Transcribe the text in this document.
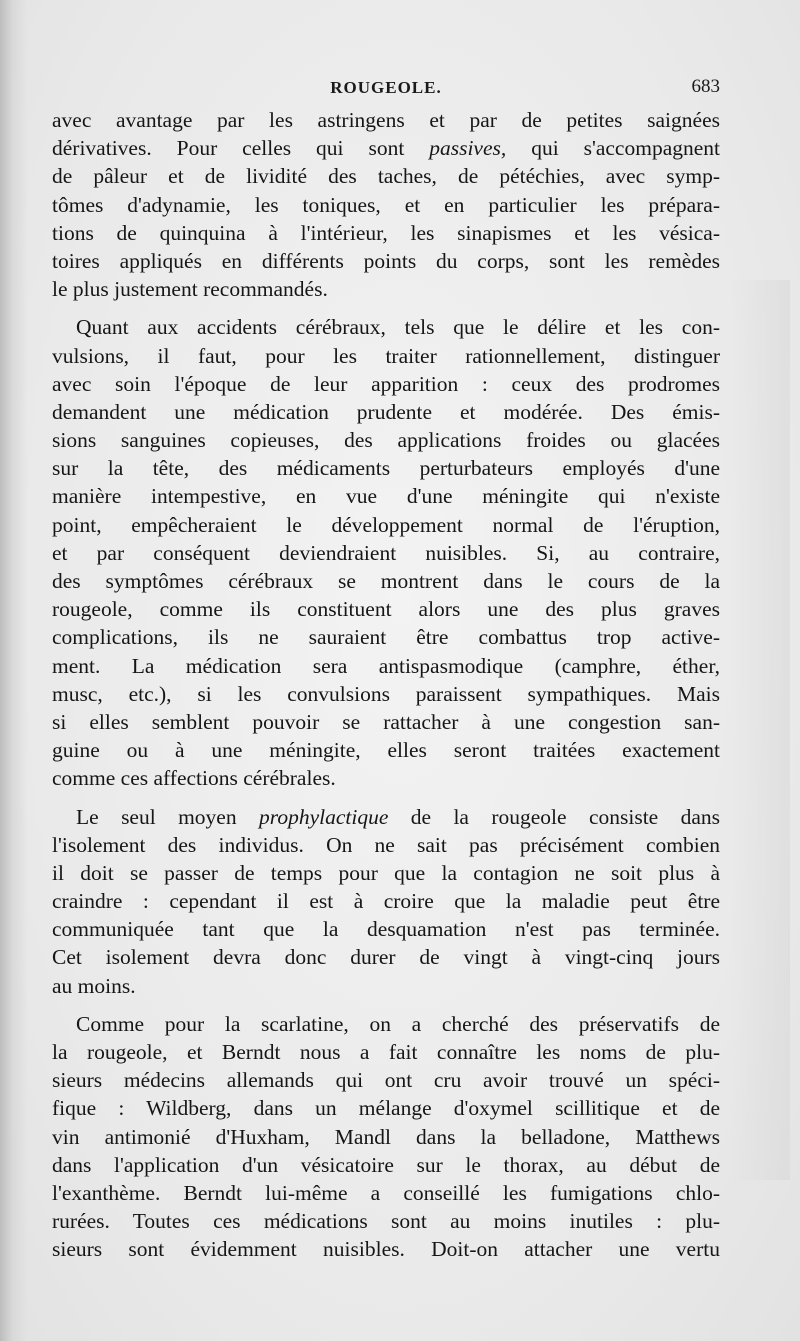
ROUGEOLE.	683
avec avantage par les astringens et par de petites saignées
dérivatives. Pour celles qui sont passives, qui s'accompagnent
de pâleur et de lividité des taches, de pétéchies, avec symp-
tômes d'adynamie, les toniques, et en particulier les prépara-
tions de quinquina à l'intérieur, les sinapismes et les vésica-
toires appliqués en différents points du corps, sont les remèdes
le plus justement recommandés.
Quant aux accidents cérébraux, tels que le délire et les con-
vulsions, il faut, pour les traiter rationnellement, distinguer
avec soin l'époque de leur apparition : ceux des prodromes
demandent une médication prudente et modérée. Des émis-
sions sanguines copieuses, des applications froides ou glacées
sur la tête, des médicaments perturbateurs employés d'une
manière intempestive, en vue d'une méningite qui n'existe
point, empêcheraient le développement normal de l'éruption,
et par conséquent deviendraient nuisibles. Si, au contraire,
des symptômes cérébraux se montrent dans le cours de la
rougeole, comme ils constituent alors une des plus graves
complications, ils ne sauraient être combattus trop active-
ment. La médication sera antispasmodique (camphre, éther,
musc, etc.), si les convulsions paraissent sympathiques. Mais
si elles semblent pouvoir se rattacher à une congestion san-
guine ou à une méningite, elles seront traitées exactement
comme ces affections cérébrales.
Le seul moyen prophylactique de la rougeole consiste dans
l'isolement des individus. On ne sait pas précisément combien
il doit se passer de temps pour que la contagion ne soit plus à
craindre : cependant il est à croire que la maladie peut être
communiquée tant que la desquamation n'est pas terminée.
Cet isolement devra donc durer de vingt à vingt-cinq jours
au moins.
Comme pour la scarlatine, on a cherché des préservatifs de
la rougeole, et Berndt nous a fait connaître les noms de plu-
sieurs médecins allemands qui ont cru avoir trouvé un spéci-
fique : Wildberg, dans un mélange d'oxymel scillitique et de
vin antimonié d'Huxham, Mandl dans la belladone, Matthews
dans l'application d'un vésicatoire sur le thorax, au début de
l'exanthème. Berndt lui-même a conseillé les fumigations chlo-
rurées. Toutes ces médications sont au moins inutiles : plu-
sieurs sont évidemment nuisibles. Doit-on attacher une vertu
